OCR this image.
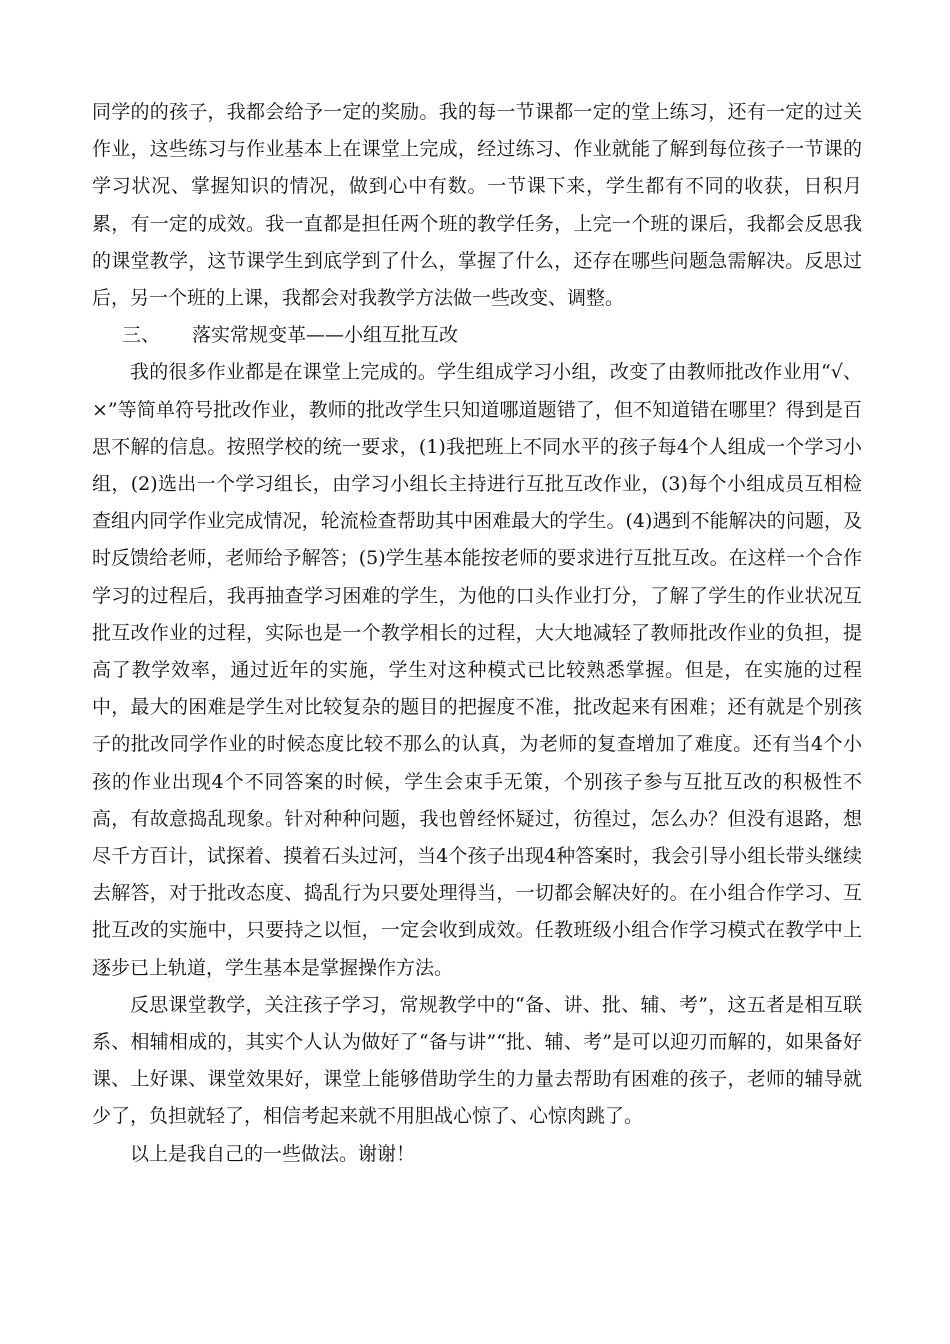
同学的的孩子，我都会给予一定的奖励。我的每一节课都一定的堂上练习，还有一定的过关作业，这些练习与作业基本上在课堂上完成，经过练习、作业就能了解到每位孩子一节课的学习状况、掌握知识的情况，做到心中有数。一节课下来，学生都有不同的收获，日积月累，有一定的成效。我一直都是担任两个班的教学任务，上完一个班的课后，我都会反思我的课堂教学，这节课学生到底学到了什么，掌握了什么，还存在哪些问题急需解决。反思过后，另一个班的上课，我都会对我教学方法做一些改变、调整。

三、 落实常规变革——小组互批互改

我的很多作业都是在课堂上完成的。学生组成学习小组，改变了由教师批改作业用“√、×”等简单符号批改作业，教师的批改学生只知道哪道题错了，但不知道错在哪里？得到是百思不解的信息。按照学校的统一要求，(1)我把班上不同水平的孩子每4个人组成一个学习小组，(2)选出一个学习组长，由学习小组长主持进行互批互改作业，(3)每个小组成员互相检查组内同学作业完成情况，轮流检查帮助其中困难最大的学生。(4)遇到不能解决的问题，及时反馈给老师，老师给予解答；(5)学生基本能按老师的要求进行互批互改。在这样一个合作学习的过程后，我再抽查学习困难的学生，为他的口头作业打分，了解了学生的作业状况互批互改作业的过程，实际也是一个教学相长的过程，大大地减轻了教师批改作业的负担，提高了教学效率，通过近年的实施，学生对这种模式已比较熟悉掌握。但是，在实施的过程中，最大的困难是学生对比较复杂的题目的把握度不准，批改起来有困难；还有就是个别孩子的批改同学作业的时候态度比较不那么的认真，为老师的复查增加了难度。还有当4个小孩的作业出现4个不同答案的时候，学生会束手无策，个别孩子参与互批互改的积极性不高，有故意捣乱现象。针对种种问题，我也曾经怀疑过，彷徨过，怎么办？但没有退路，想尽千方百计，试探着、摸着石头过河，当4个孩子出现4种答案时，我会引导小组长带头继续去解答，对于批改态度、捣乱行为只要处理得当，一切都会解决好的。在小组合作学习、互批互改的实施中，只要持之以恒，一定会收到成效。任教班级小组合作学习模式在教学中上逐步已上轨道，学生基本是掌握操作方法。

反思课堂教学，关注孩子学习，常规教学中的“备、讲、批、辅、考”，这五者是相互联系、相辅相成的，其实个人认为做好了“备与讲”“批、辅、考”是可以迎刃而解的，如果备好课、上好课、课堂效果好，课堂上能够借助学生的力量去帮助有困难的孩子，老师的辅导就少了，负担就轻了，相信考起来就不用胆战心惊了、心惊肉跳了。

以上是我自己的一些做法。谢谢！
